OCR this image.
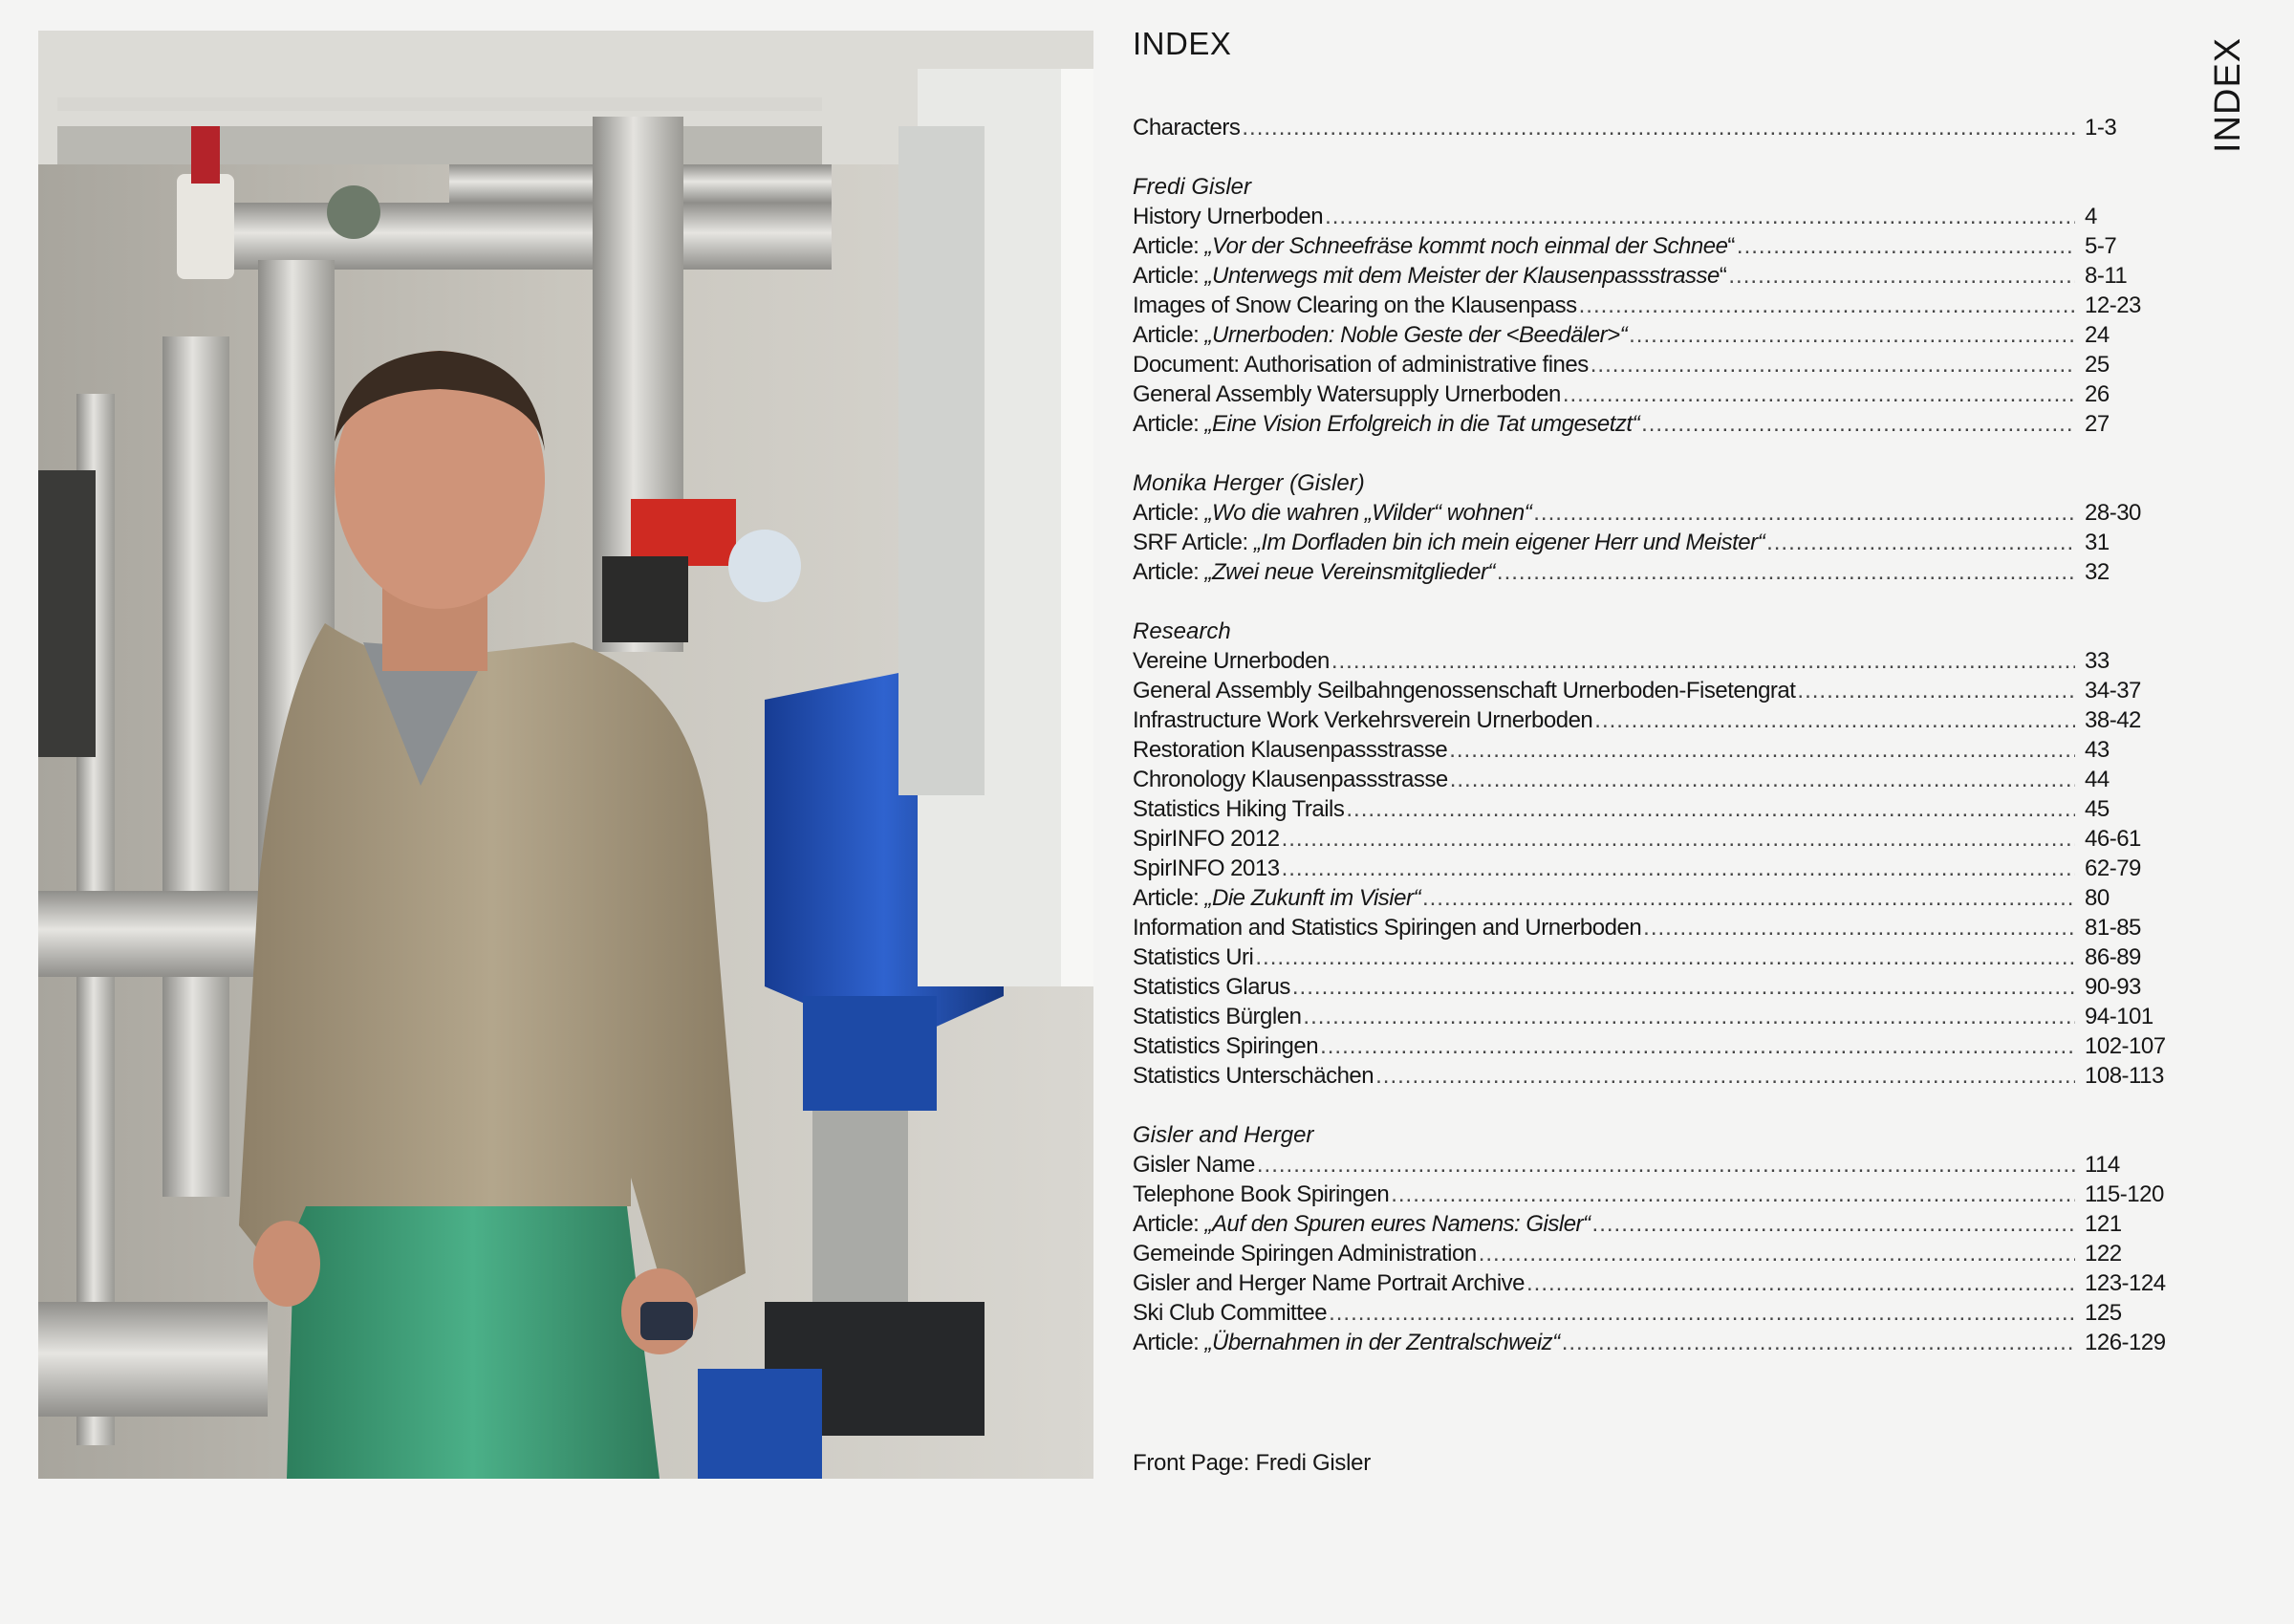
INDEX
Characters .....	1-3
Fredi Gisler
History Urnerboden .....	4
Article: „Vor der Schneefräse kommt noch einmal der Schnee“ .....	5-7
Article: „Unterwegs mit dem Meister der Klausenpassstrasse“ .....	8-11
Images of Snow Clearing on the Klausenpass .....	12-23
Article: „Urnerboden: Noble Geste der <Beedäler>“ .....	24
Document: Authorisation of administrative fines .....	25
General Assembly Watersupply Urnerboden .....	26
Article: „Eine Vision Erfolgreich in die Tat umgesetzt“ .....	27
Monika Herger (Gisler)
Article: „Wo die wahren „Wilder“ wohnen“ .....	28-30
SRF Article: „Im Dorfladen bin ich mein eigener Herr und Meister“ .....	31
Article: „Zwei neue Vereinsmitglieder“ .....	32
Research
Vereine Urnerboden .....	33
General Assembly Seilbahngenossenschaft Urnerboden-Fisetengrat .....	34-37
Infrastructure Work Verkehrsverein Urnerboden .....	38-42
Restoration Klausenpassstrasse .....	43
Chronology Klausenpassstrasse .....	44
Statistics Hiking Trails .....	45
SpirINFO 2012 .....	46-61
SpirINFO 2013 .....	62-79
Article: „Die Zukunft im Visier“ .....	80
Information and Statistics Spiringen and Urnerboden .....	81-85
Statistics Uri .....	86-89
Statistics Glarus .....	90-93
Statistics Bürglen .....	94-101
Statistics Spiringen .....	102-107
Statistics Unterschächen .....	108-113
Gisler and Herger
Gisler Name .....	114
Telephone Book Spiringen .....	115-120
Article: „Auf den Spuren eures Namens: Gisler“ .....	121
Gemeinde Spiringen Administration .....	122
Gisler and Herger Name Portrait Archive .....	123-124
Ski Club Committee .....	125
Article: „Übernahmen in der Zentralschweiz“ .....	126-129
Front Page: Fredi Gisler
INDEX
